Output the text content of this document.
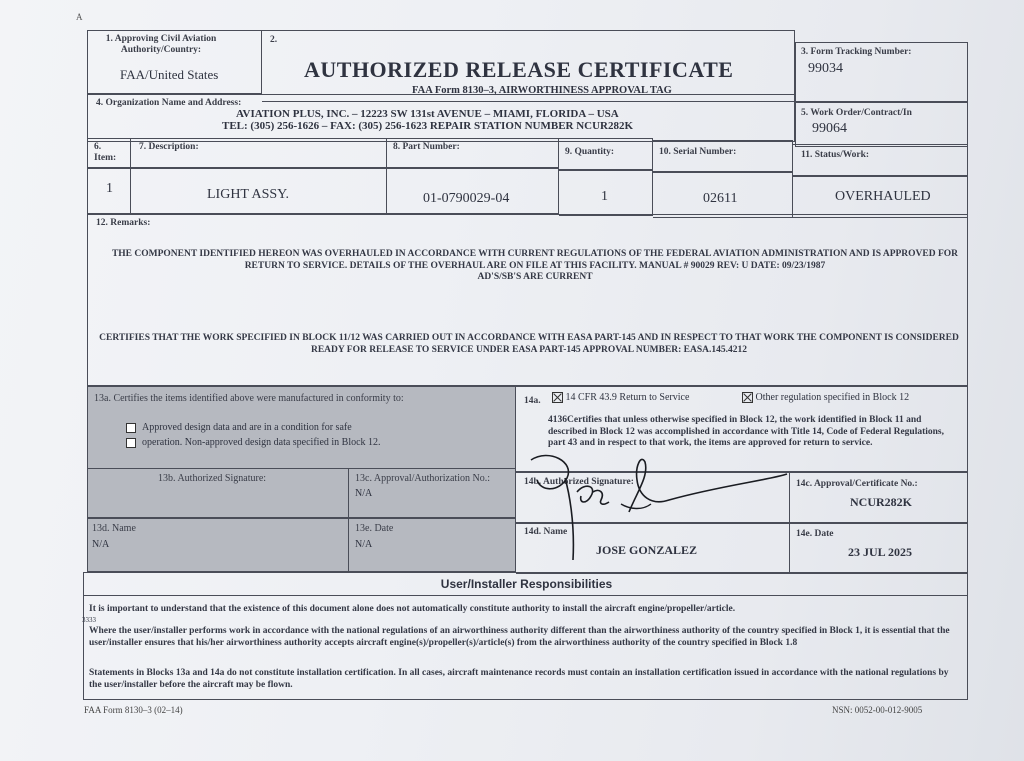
A
1. Approving Civil Aviation
Authority/Country:
FAA/United States
2.
AUTHORIZED RELEASE CERTIFICATE
FAA Form 8130–3, AIRWORTHINESS APPROVAL TAG
3. Form Tracking Number:
99034
4. Organization Name and Address:
AVIATION PLUS, INC. – 12223 SW 131st AVENUE – MIAMI, FLORIDA – USA
TEL: (305) 256-1626 – FAX: (305) 256-1623 REPAIR STATION NUMBER NCUR282K
5. Work Order/Contract/In
99064
6.
Item:
7. Description:	8. Part Number:	9. Quantity:	10. Serial Number:	11. Status/Work:
1	LIGHT ASSY.	01-0790029-04	1	02611	OVERHAULED
12. Remarks:
THE COMPONENT IDENTIFIED HEREON WAS OVERHAULED IN ACCORDANCE WITH CURRENT REGULATIONS OF THE FEDERAL AVIATION ADMINISTRATION AND IS APPROVED FOR RETURN TO SERVICE. DETAILS OF THE OVERHAUL ARE ON FILE AT THIS FACILITY. MANUAL # 90029 REV: U DATE: 09/23/1987
AD'S/SB'S ARE CURRENT
CERTIFIES THAT THE WORK SPECIFIED IN BLOCK 11/12 WAS CARRIED OUT IN ACCORDANCE WITH EASA PART-145 AND IN RESPECT TO THAT WORK THE COMPONENT IS CONSIDERED READY FOR RELEASE TO SERVICE UNDER EASA PART-145 APPROVAL NUMBER: EASA.145.4212
13a. Certifies the items identified above were manufactured in conformity to:
Approved design data and are in a condition for safe
operation. Non-approved design data specified in Block 12.
14a.	14 CFR 43.9 Return to Service	Other regulation specified in Block 12
4136Certifies that unless otherwise specified in Block 12, the work identified in Block 11 and described in Block 12 was accomplished in accordance with Title 14, Code of Federal Regulations, part 43 and in respect to that work, the items are approved for return to service.
13b. Authorized Signature:	13c. Approval/Authorization No.:
N/A
14b. Authorized Signature:	14c. Approval/Certificate No.:
NCUR282K
13d. Name
N/A
13e. Date
N/A
14d. Name
JOSE GONZALEZ
14e. Date
23 JUL 2025
User/Installer Responsibilities
It is important to understand that the existence of this document alone does not automatically constitute authority to install the aircraft engine/propeller/article.
3333
Where the user/installer performs work in accordance with the national regulations of an airworthiness authority different than the airworthiness authority of the country specified in Block 1, it is essential that the user/installer ensures that his/her airworthiness authority accepts aircraft engine(s)/propeller(s)/article(s) from the airworthiness authority of the country specified in Block 1.8
Statements in Blocks 13a and 14a do not constitute installation certification. In all cases, aircraft maintenance records must contain an installation certification issued in accordance with the national regulations by the user/installer before the aircraft may be flown.
FAA Form 8130–3 (02–14)	NSN: 0052-00-012-9005
